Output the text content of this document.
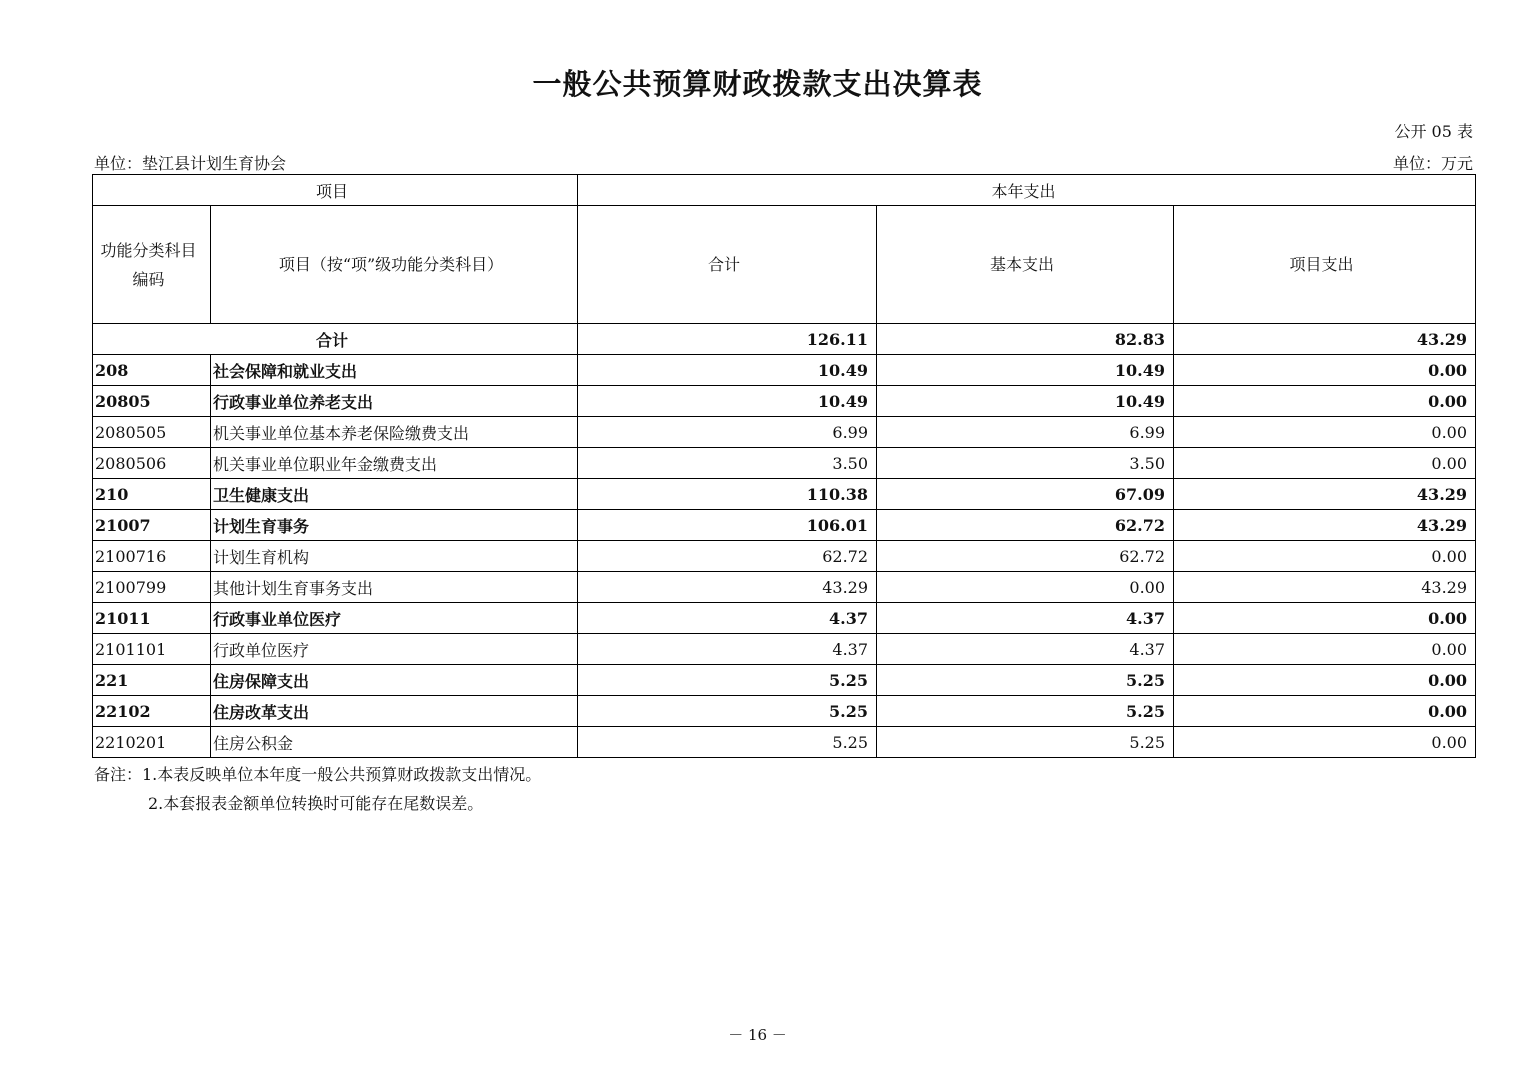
一般公共预算财政拨款支出决算表
公开 05 表
单位：垫江县计划生育协会	单位：万元
项目		本年支出		
功能分类科目编码	项目（按“项”级功能分类科目）	合计	基本支出	项目支出
合计		126.11	82.83	43.29
208	社会保障和就业支出	10.49	10.49	0.00
20805	行政事业单位养老支出	10.49	10.49	0.00
2080505	机关事业单位基本养老保险缴费支出	6.99	6.99	0.00
2080506	机关事业单位职业年金缴费支出	3.50	3.50	0.00
210	卫生健康支出	110.38	67.09	43.29
21007	计划生育事务	106.01	62.72	43.29
2100716	计划生育机构	62.72	62.72	0.00
2100799	其他计划生育事务支出	43.29	0.00	43.29
21011	行政事业单位医疗	4.37	4.37	0.00
2101101	行政单位医疗	4.37	4.37	0.00
221	住房保障支出	5.25	5.25	0.00
22102	住房改革支出	5.25	5.25	0.00
2210201	住房公积金	5.25	5.25	0.00
备注：1.本表反映单位本年度一般公共预算财政拨款支出情况。
2.本套报表金额单位转换时可能存在尾数误差。
－ 16 －
